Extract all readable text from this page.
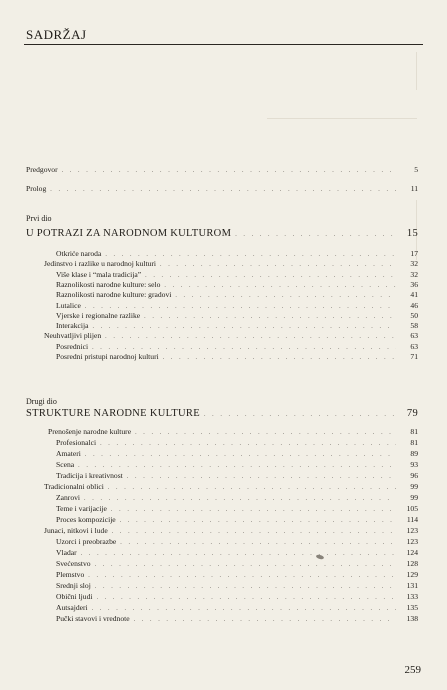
SADRŽAJ
Predgovor . . .	5
Prolog . . .	11
Prvi dio
U POTRAZI ZA NARODNOM KULTUROM . . .	15
Otkriće naroda . . .	17
Jedinstvo i razlike u narodnoj kulturi . . .	32
Više klase i “mala tradicija” . . .	32
Raznolikosti narodne kulture: selo . . .	36
Raznolikosti narodne kulture: gradovi . . .	41
Lutalice . . .	46
Vjerske i regionalne razlike . . .	50
Interakcija . . .	58
Neuhvatljivi plijen . . .	63
Posrednici . . .	63
Posredni pristupi narodnoj kulturi . . .	71
Drugi dio
STRUKTURE NARODNE KULTURE . . .	79
Prenošenje narodne kulture . . .	81
Profesionalci . . .	81
Amateri . . .	89
Scena . . .	93
Tradicija i kreativnost . . .	96
Tradicionalni oblici . . .	99
Zanrovi . . .	99
Teme i varijacije . . .	105
Proces kompozicije . . .	114
Junaci, nitkovi i lude . . .	123
Uzorci i preobrazbe . . .	123
Vladar . . .	124
Svećenstvo . . .	128
Plemstvo . . .	129
Srednji sloj . . .	131
Obični ljudi . . .	133
Autsajderi . . .	135
Pučki stavovi i vrednote . . .	138
259
